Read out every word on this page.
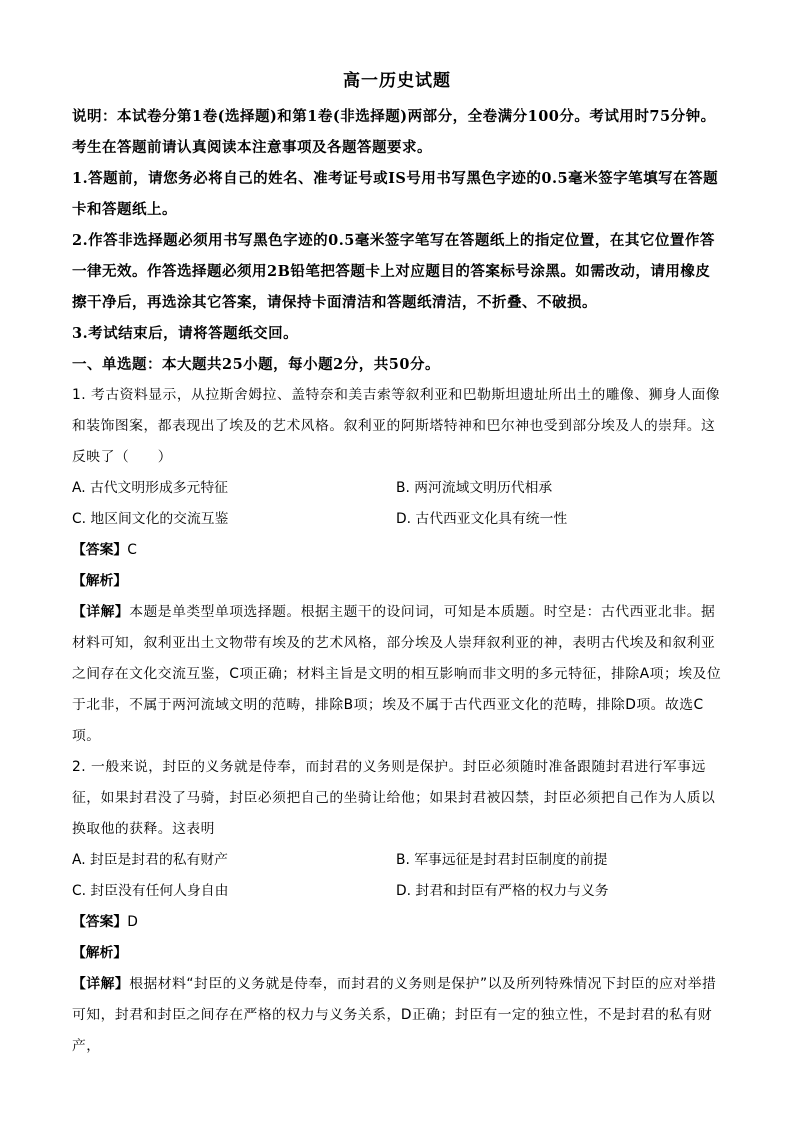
高一历史试题

说明：本试卷分第1卷(选择题)和第1卷(非选择题)两部分，全卷满分100分。考试用时75分钟。考生在答题前请认真阅读本注意事项及各题答题要求。

1.答题前，请您务必将自己的姓名、准考证号或IS号用书写黑色字迹的0.5毫米签字笔填写在答题卡和答题纸上。

2.作答非选择题必须用书写黑色字迹的0.5毫米签字笔写在答题纸上的指定位置，在其它位置作答一律无效。作答选择题必须用2B铅笔把答题卡上对应题目的答案标号涂黑。如需改动，请用橡皮擦干净后，再选涂其它答案，请保持卡面清洁和答题纸清洁，不折叠、不破损。

3.考试结束后，请将答题纸交回。

一、单选题：本大题共25小题，每小题2分，共50分。

1. 考古资料显示，从拉斯舍姆拉、盖特奈和美吉索等叙利亚和巴勒斯坦遗址所出土的雕像、狮身人面像和装饰图案，都表现出了埃及的艺术风格。叙利亚的阿斯塔特神和巴尔神也受到部分埃及人的崇拜。这反映了（　　）

A. 古代文明形成多元特征	B. 两河流域文明历代相承
C. 地区间文化的交流互鉴	D. 古代西亚文化具有统一性

【答案】C

【解析】

【详解】本题是单类型单项选择题。根据主题干的设问词，可知是本质题。时空是：古代西亚北非。据材料可知，叙利亚出土文物带有埃及的艺术风格，部分埃及人崇拜叙利亚的神，表明古代埃及和叙利亚之间存在文化交流互鉴，C项正确；材料主旨是文明的相互影响而非文明的多元特征，排除A项；埃及位于北非，不属于两河流域文明的范畴，排除B项；埃及不属于古代西亚文化的范畴，排除D项。故选C项。

2. 一般来说，封臣的义务就是侍奉，而封君的义务则是保护。封臣必须随时准备跟随封君进行军事远征，如果封君没了马骑，封臣必须把自己的坐骑让给他；如果封君被囚禁，封臣必须把自己作为人质以换取他的获释。这表明

A. 封臣是封君的私有财产	B. 军事远征是封君封臣制度的前提
C. 封臣没有任何人身自由	D. 封君和封臣有严格的权力与义务

【答案】D

【解析】

【详解】根据材料“封臣的义务就是侍奉，而封君的义务则是保护”以及所列特殊情况下封臣的应对举措可知，封君和封臣之间存在严格的权力与义务关系，D正确；封臣有一定的独立性，不是封君的私有财产，
